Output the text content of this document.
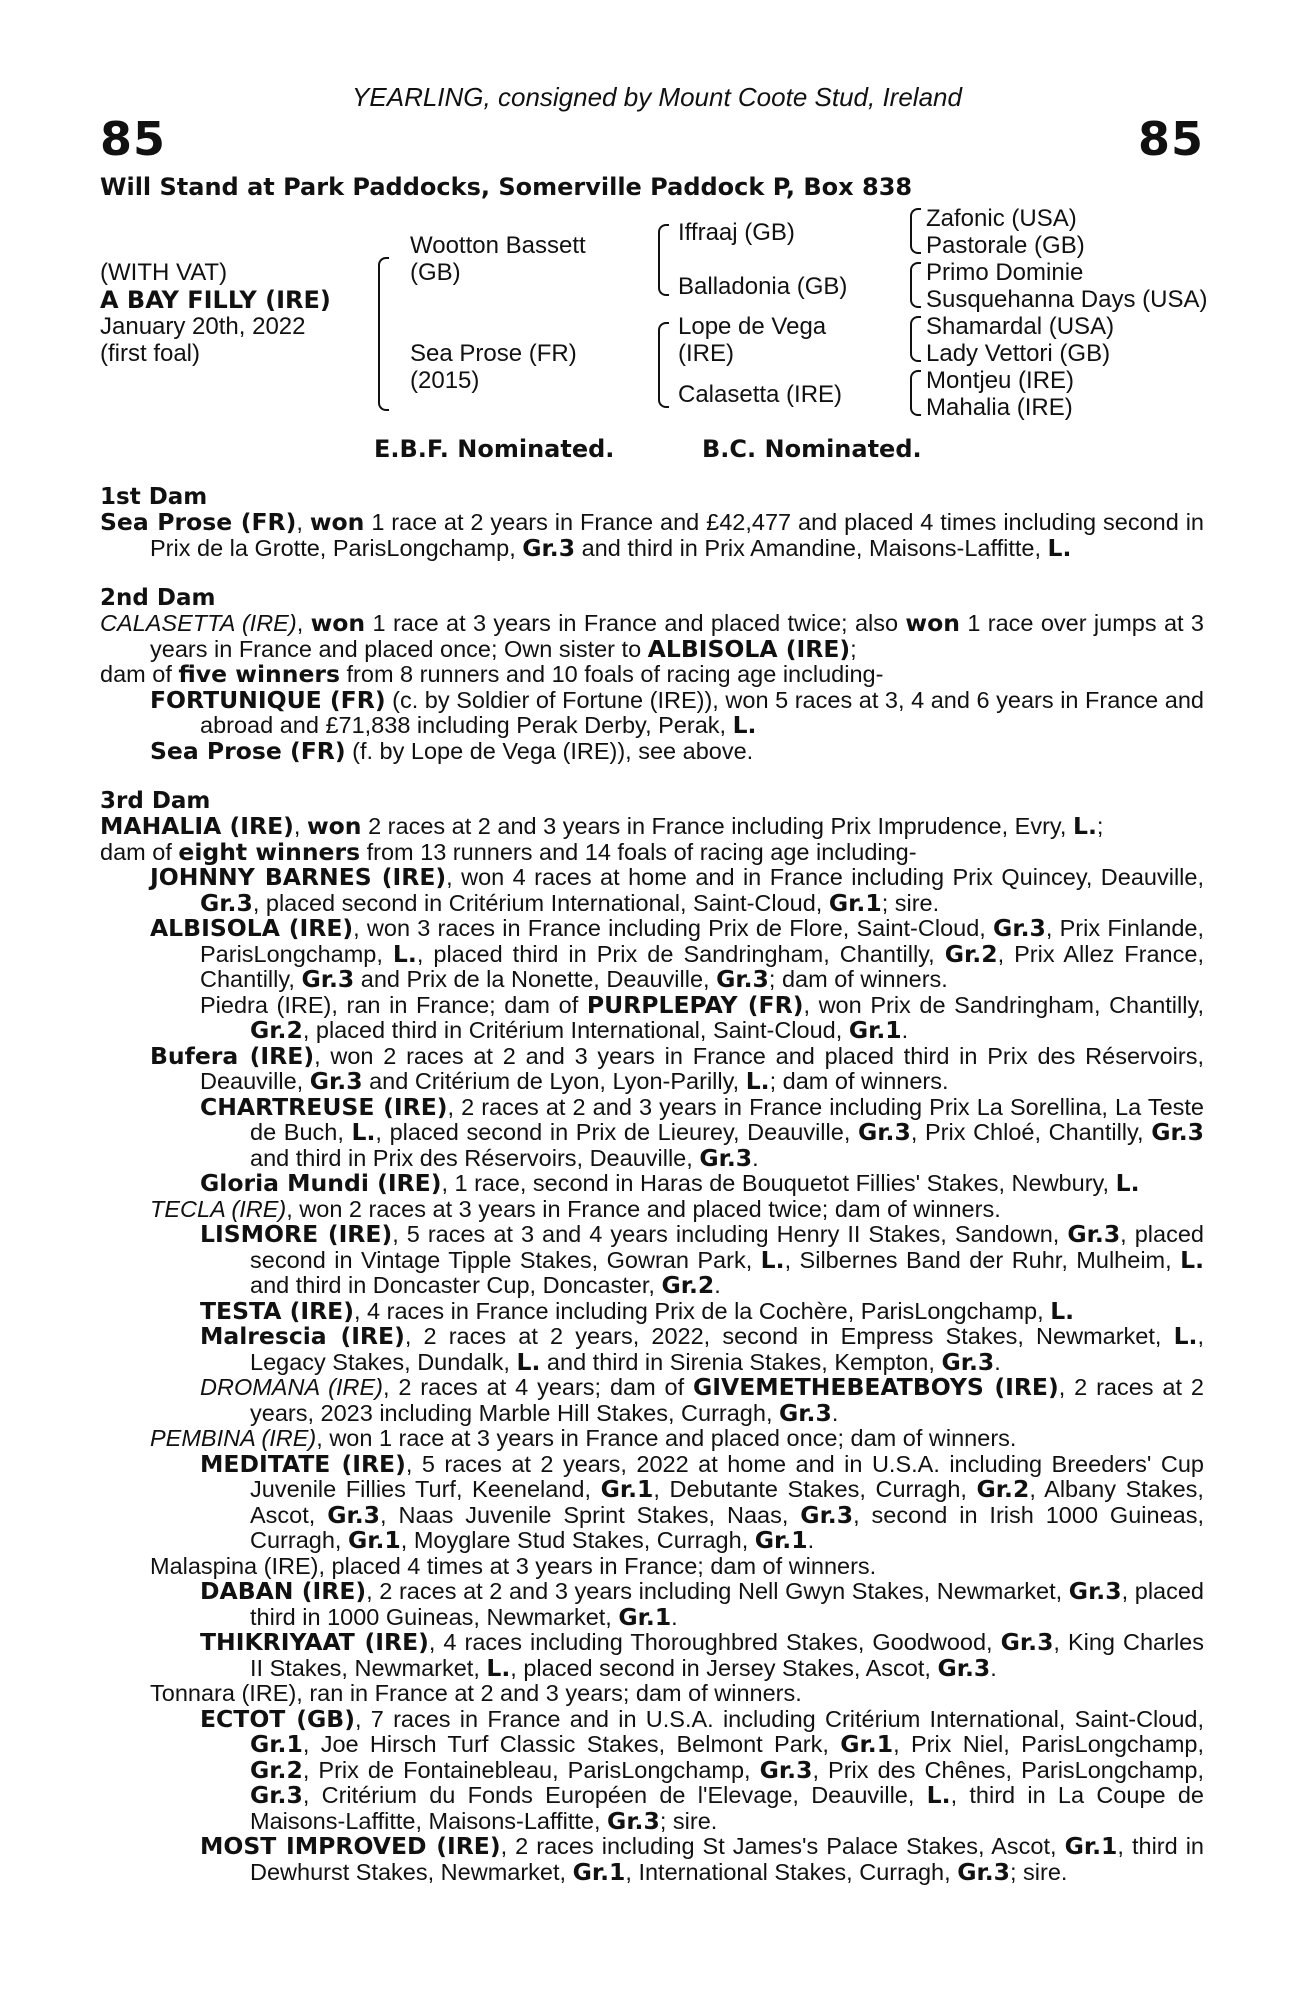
YEARLING, consigned by Mount Coote Stud, Ireland
85	85
Will Stand at Park Paddocks, Somerville Paddock P, Box 838
(WITH VAT)
A BAY FILLY (IRE)
January 20th, 2022
(first foal)
Wootton Bassett
(GB)
Sea Prose (FR)
(2015)
Iffraaj (GB)
Balladonia (GB)
Lope de Vega
(IRE)
Calasetta (IRE)
Zafonic (USA)
Pastorale (GB)
Primo Dominie
Susquehanna Days (USA)
Shamardal (USA)
Lady Vettori (GB)
Montjeu (IRE)
Mahalia (IRE)
E.B.F. Nominated.	B.C. Nominated.
1st Dam

Sea Prose (FR), won 1 race at 2 years in France and £42,477 and placed 4 times including second in Prix de la Grotte, ParisLongchamp, Gr.3 and third in Prix Amandine, Maisons-Laffitte, L.

2nd Dam

CALASETTA (IRE), won 1 race at 3 years in France and placed twice; also won 1 race over jumps at 3 years in France and placed once; Own sister to ALBISOLA (IRE);

dam of five winners from 8 runners and 10 foals of racing age including-

FORTUNIQUE (FR) (c. by Soldier of Fortune (IRE)), won 5 races at 3, 4 and 6 years in France and abroad and £71,838 including Perak Derby, Perak, L.

Sea Prose (FR) (f. by Lope de Vega (IRE)), see above.

3rd Dam

MAHALIA (IRE), won 2 races at 2 and 3 years in France including Prix Imprudence, Evry, L.;

dam of eight winners from 13 runners and 14 foals of racing age including-

JOHNNY BARNES (IRE), won 4 races at home and in France including Prix Quincey, Deauville, Gr.3, placed second in Critérium International, Saint-Cloud, Gr.1; sire.

ALBISOLA (IRE), won 3 races in France including Prix de Flore, Saint-Cloud, Gr.3, Prix Finlande, ParisLongchamp, L., placed third in Prix de Sandringham, Chantilly, Gr.2, Prix Allez France, Chantilly, Gr.3 and Prix de la Nonette, Deauville, Gr.3; dam of winners.

Piedra (IRE), ran in France; dam of PURPLEPAY (FR), won Prix de Sandringham, Chantilly, Gr.2, placed third in Critérium International, Saint-Cloud, Gr.1.

Bufera (IRE), won 2 races at 2 and 3 years in France and placed third in Prix des Réservoirs, Deauville, Gr.3 and Critérium de Lyon, Lyon-Parilly, L.; dam of winners.

CHARTREUSE (IRE), 2 races at 2 and 3 years in France including Prix La Sorellina, La Teste de Buch, L., placed second in Prix de Lieurey, Deauville, Gr.3, Prix Chloé, Chantilly, Gr.3 and third in Prix des Réservoirs, Deauville, Gr.3.

Gloria Mundi (IRE), 1 race, second in Haras de Bouquetot Fillies' Stakes, Newbury, L.

TECLA (IRE), won 2 races at 3 years in France and placed twice; dam of winners.

LISMORE (IRE), 5 races at 3 and 4 years including Henry II Stakes, Sandown, Gr.3, placed second in Vintage Tipple Stakes, Gowran Park, L., Silbernes Band der Ruhr, Mulheim, L. and third in Doncaster Cup, Doncaster, Gr.2.

TESTA (IRE), 4 races in France including Prix de la Cochère, ParisLongchamp, L.

Malrescia (IRE), 2 races at 2 years, 2022, second in Empress Stakes, Newmarket, L., Legacy Stakes, Dundalk, L. and third in Sirenia Stakes, Kempton, Gr.3.

DROMANA (IRE), 2 races at 4 years; dam of GIVEMETHEBEATBOYS (IRE), 2 races at 2 years, 2023 including Marble Hill Stakes, Curragh, Gr.3.

PEMBINA (IRE), won 1 race at 3 years in France and placed once; dam of winners.

MEDITATE (IRE), 5 races at 2 years, 2022 at home and in U.S.A. including Breeders' Cup Juvenile Fillies Turf, Keeneland, Gr.1, Debutante Stakes, Curragh, Gr.2, Albany Stakes, Ascot, Gr.3, Naas Juvenile Sprint Stakes, Naas, Gr.3, second in Irish 1000 Guineas, Curragh, Gr.1, Moyglare Stud Stakes, Curragh, Gr.1.

Malaspina (IRE), placed 4 times at 3 years in France; dam of winners.

DABAN (IRE), 2 races at 2 and 3 years including Nell Gwyn Stakes, Newmarket, Gr.3, placed third in 1000 Guineas, Newmarket, Gr.1.

THIKRIYAAT (IRE), 4 races including Thoroughbred Stakes, Goodwood, Gr.3, King Charles II Stakes, Newmarket, L., placed second in Jersey Stakes, Ascot, Gr.3.

Tonnara (IRE), ran in France at 2 and 3 years; dam of winners.

ECTOT (GB), 7 races in France and in U.S.A. including Critérium International, Saint-Cloud, Gr.1, Joe Hirsch Turf Classic Stakes, Belmont Park, Gr.1, Prix Niel, ParisLongchamp, Gr.2, Prix de Fontainebleau, ParisLongchamp, Gr.3, Prix des Chênes, ParisLongchamp, Gr.3, Critérium du Fonds Européen de l'Elevage, Deauville, L., third in La Coupe de Maisons-Laffitte, Maisons-Laffitte, Gr.3; sire.

MOST IMPROVED (IRE), 2 races including St James's Palace Stakes, Ascot, Gr.1, third in Dewhurst Stakes, Newmarket, Gr.1, International Stakes, Curragh, Gr.3; sire.
